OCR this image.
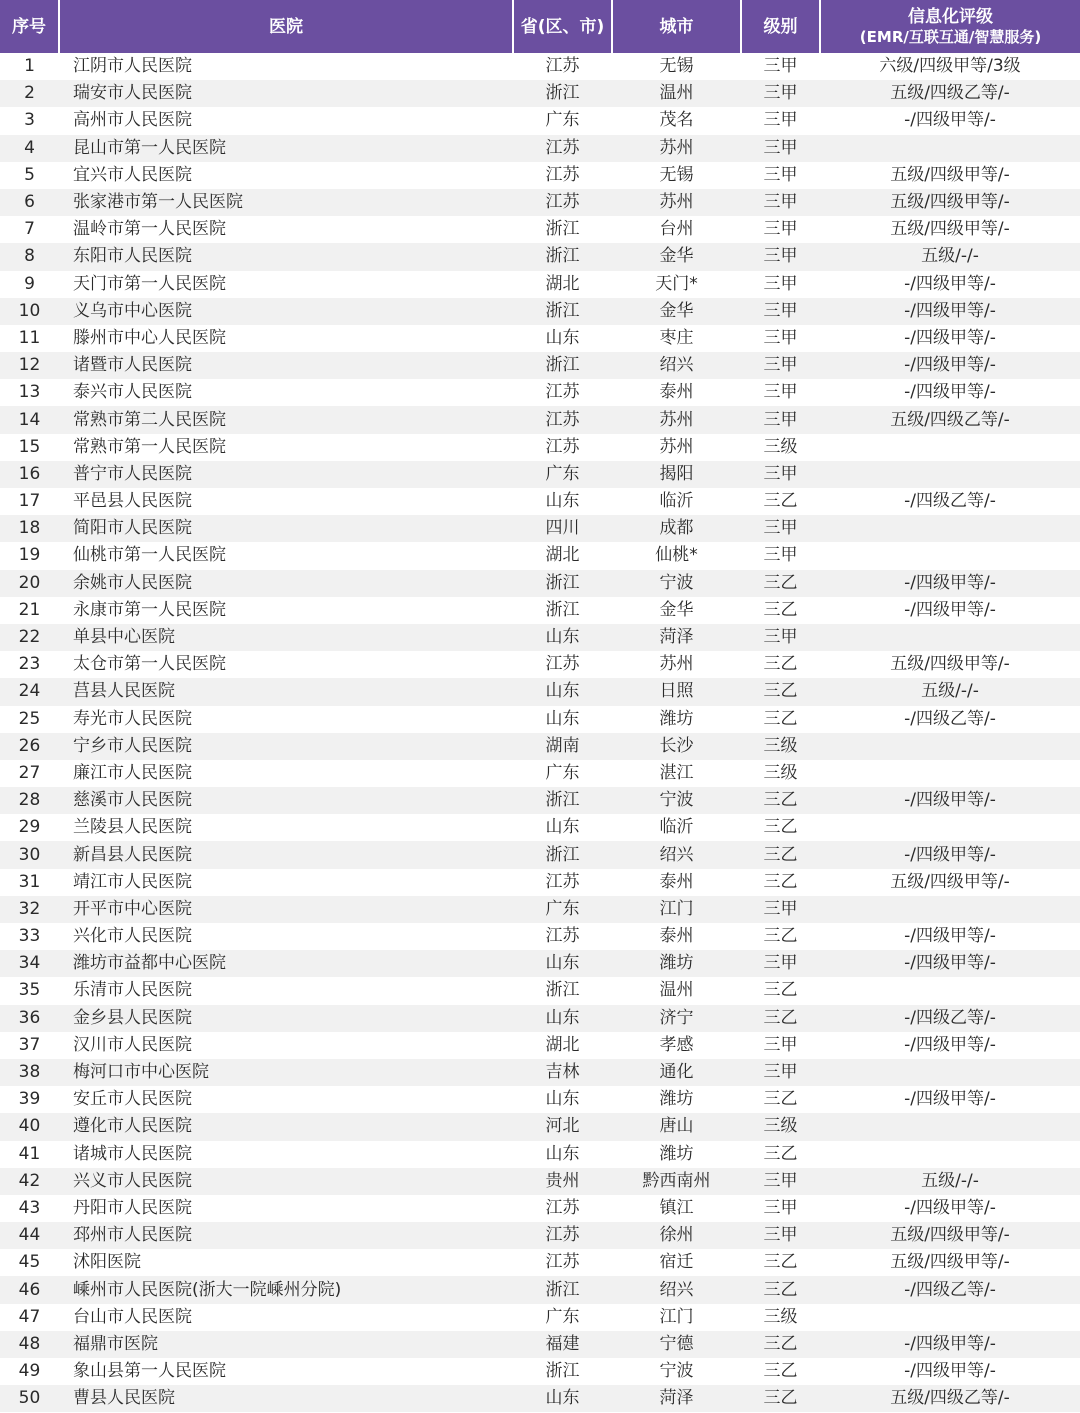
序号	医院	省(区、市)	城市	级别	信息化评级
(EMR/互联互通/智慧服务)

1	江阴市人民医院	江苏	无锡	三甲	六级/四级甲等/3级
2	瑞安市人民医院	浙江	温州	三甲	五级/四级乙等/-
3	高州市人民医院	广东	茂名	三甲	-/四级甲等/-
4	昆山市第一人民医院	江苏	苏州	三甲	
5	宜兴市人民医院	江苏	无锡	三甲	五级/四级甲等/-
6	张家港市第一人民医院	江苏	苏州	三甲	五级/四级甲等/-
7	温岭市第一人民医院	浙江	台州	三甲	五级/四级甲等/-
8	东阳市人民医院	浙江	金华	三甲	五级/-/-
9	天门市第一人民医院	湖北	天门*	三甲	-/四级甲等/-
10	义乌市中心医院	浙江	金华	三甲	-/四级甲等/-
11	滕州市中心人民医院	山东	枣庄	三甲	-/四级甲等/-
12	诸暨市人民医院	浙江	绍兴	三甲	-/四级甲等/-
13	泰兴市人民医院	江苏	泰州	三甲	-/四级甲等/-
14	常熟市第二人民医院	江苏	苏州	三甲	五级/四级乙等/-
15	常熟市第一人民医院	江苏	苏州	三级	
16	普宁市人民医院	广东	揭阳	三甲	
17	平邑县人民医院	山东	临沂	三乙	-/四级乙等/-
18	简阳市人民医院	四川	成都	三甲	
19	仙桃市第一人民医院	湖北	仙桃*	三甲	
20	余姚市人民医院	浙江	宁波	三乙	-/四级甲等/-
21	永康市第一人民医院	浙江	金华	三乙	-/四级甲等/-
22	单县中心医院	山东	菏泽	三甲	
23	太仓市第一人民医院	江苏	苏州	三乙	五级/四级甲等/-
24	莒县人民医院	山东	日照	三乙	五级/-/-
25	寿光市人民医院	山东	潍坊	三乙	-/四级乙等/-
26	宁乡市人民医院	湖南	长沙	三级	
27	廉江市人民医院	广东	湛江	三级	
28	慈溪市人民医院	浙江	宁波	三乙	-/四级甲等/-
29	兰陵县人民医院	山东	临沂	三乙	
30	新昌县人民医院	浙江	绍兴	三乙	-/四级甲等/-
31	靖江市人民医院	江苏	泰州	三乙	五级/四级甲等/-
32	开平市中心医院	广东	江门	三甲	
33	兴化市人民医院	江苏	泰州	三乙	-/四级甲等/-
34	潍坊市益都中心医院	山东	潍坊	三甲	-/四级甲等/-
35	乐清市人民医院	浙江	温州	三乙	
36	金乡县人民医院	山东	济宁	三乙	-/四级乙等/-
37	汉川市人民医院	湖北	孝感	三甲	-/四级甲等/-
38	梅河口市中心医院	吉林	通化	三甲	
39	安丘市人民医院	山东	潍坊	三乙	-/四级甲等/-
40	遵化市人民医院	河北	唐山	三级	
41	诸城市人民医院	山东	潍坊	三乙	
42	兴义市人民医院	贵州	黔西南州	三甲	五级/-/-
43	丹阳市人民医院	江苏	镇江	三甲	-/四级甲等/-
44	邳州市人民医院	江苏	徐州	三甲	五级/四级甲等/-
45	沭阳医院	江苏	宿迁	三乙	五级/四级甲等/-
46	嵊州市人民医院(浙大一院嵊州分院)	浙江	绍兴	三乙	-/四级乙等/-
47	台山市人民医院	广东	江门	三级	
48	福鼎市医院	福建	宁德	三乙	-/四级甲等/-
49	象山县第一人民医院	浙江	宁波	三乙	-/四级甲等/-
50	曹县人民医院	山东	菏泽	三乙	五级/四级乙等/-
